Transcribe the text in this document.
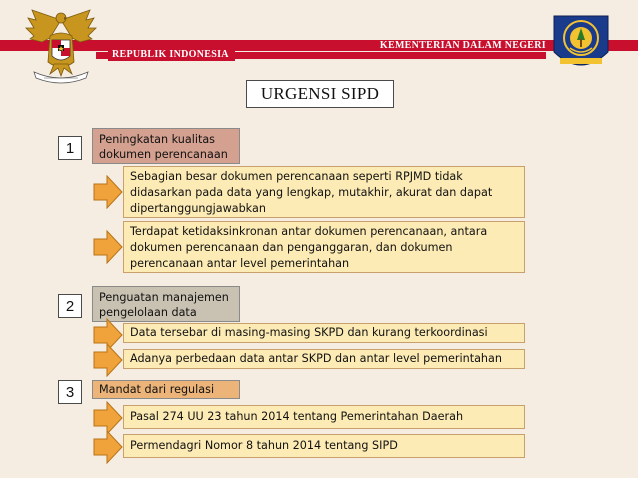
KEMENTERIAN DALAM NEGERI
REPUBLIK INDONESIA
URGENSI SIPD
1	Peningkatan kualitas dokumen perencanaan
Sebagian besar dokumen perencanaan seperti RPJMD tidak didasarkan pada data yang lengkap, mutakhir, akurat dan dapat dipertanggungjawabkan
Terdapat ketidaksinkronan antar dokumen perencanaan, antara dokumen perencanaan dan penganggaran, dan dokumen perencanaan antar level pemerintahan
2	Penguatan manajemen pengelolaan data
Data tersebar di masing-masing SKPD dan kurang terkoordinasi
Adanya perbedaan data antar SKPD dan antar level pemerintahan
3	Mandat dari regulasi
Pasal 274 UU 23 tahun 2014 tentang Pemerintahan Daerah
Permendagri Nomor 8 tahun 2014 tentang SIPD
